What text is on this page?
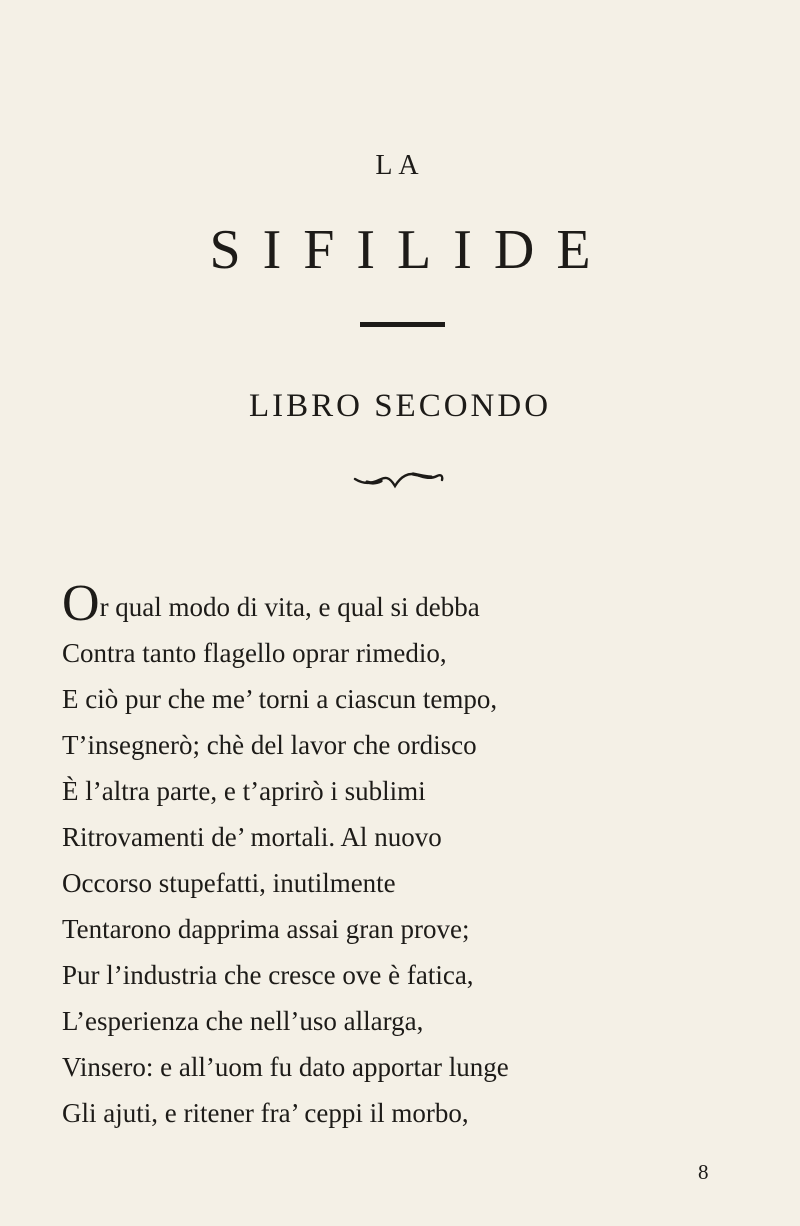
LA
SIFILIDE
LIBRO SECONDO
Or qual modo di vita, e qual si debba
Contra tanto flagello oprar rimedio,
E ciò pur che me’ torni a ciascun tempo,
T’insegnerò; chè del lavor che ordisco
È l’altra parte, e t’aprirò i sublimi
Ritrovamenti de’ mortali. Al nuovo
Occorso stupefatti, inutilmente
Tentarono dapprima assai gran prove;
Pur l’industria che cresce ove è fatica,
L’esperienza che nell’uso allarga,
Vinsero: e all’uom fu dato apportar lunge
Gli ajuti, e ritener fra’ ceppi il morbo,
8
